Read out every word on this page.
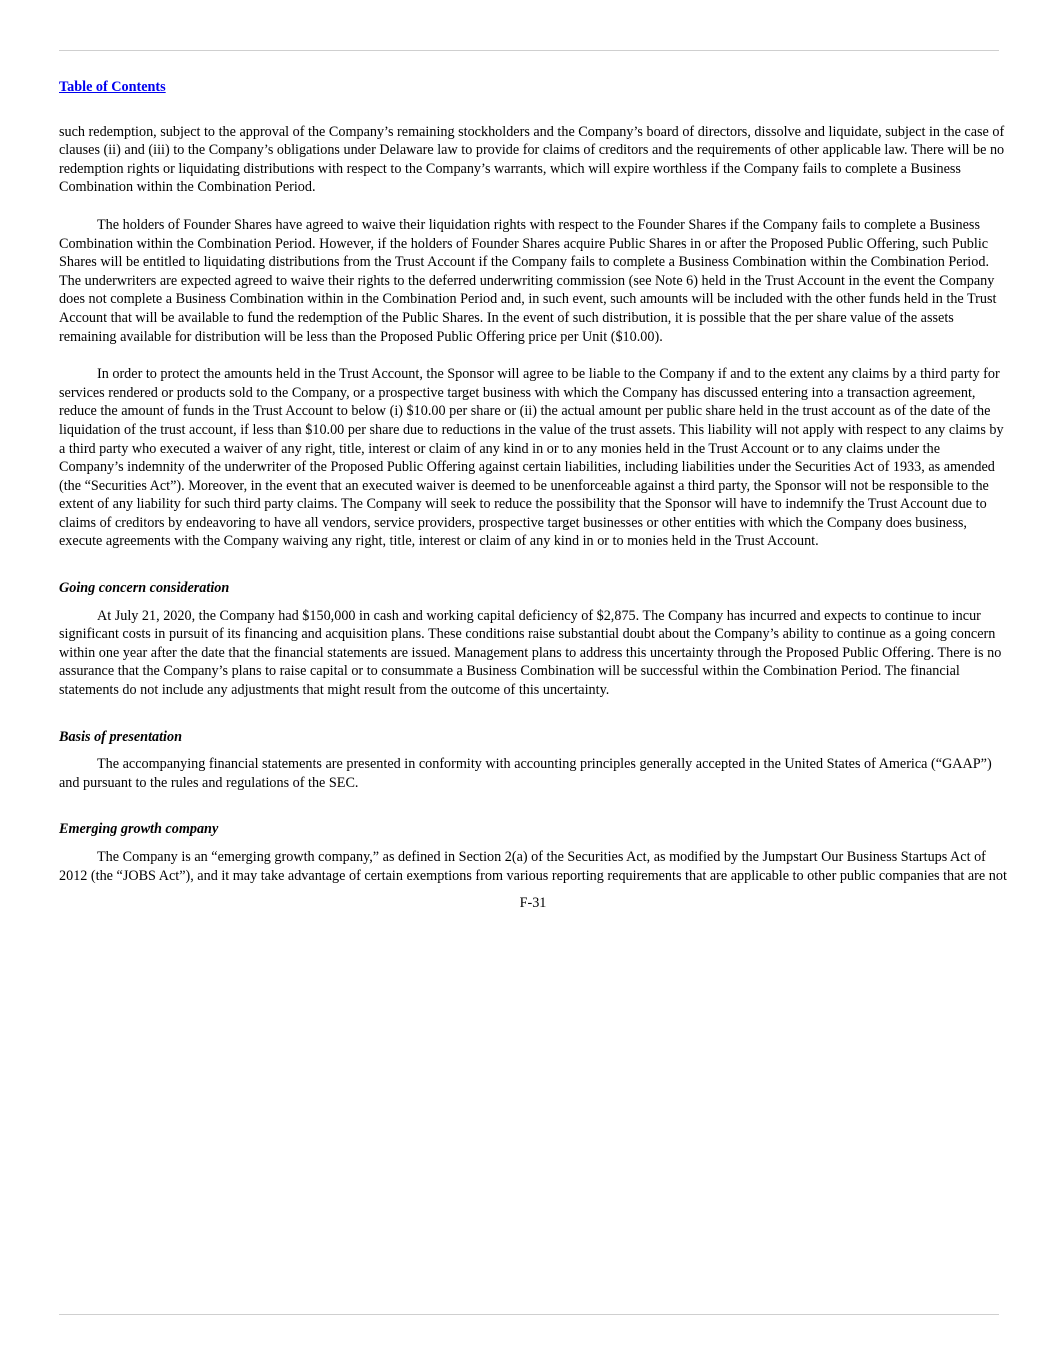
Table of Contents

such redemption, subject to the approval of the Company’s remaining stockholders and the Company’s board of directors, dissolve and liquidate, subject in the case of clauses (ii) and (iii) to the Company’s obligations under Delaware law to provide for claims of creditors and the requirements of other applicable law. There will be no redemption rights or liquidating distributions with respect to the Company’s warrants, which will expire worthless if the Company fails to complete a Business Combination within the Combination Period.

The holders of Founder Shares have agreed to waive their liquidation rights with respect to the Founder Shares if the Company fails to complete a Business Combination within the Combination Period. However, if the holders of Founder Shares acquire Public Shares in or after the Proposed Public Offering, such Public Shares will be entitled to liquidating distributions from the Trust Account if the Company fails to complete a Business Combination within the Combination Period. The underwriters are expected agreed to waive their rights to the deferred underwriting commission (see Note 6) held in the Trust Account in the event the Company does not complete a Business Combination within in the Combination Period and, in such event, such amounts will be included with the other funds held in the Trust Account that will be available to fund the redemption of the Public Shares. In the event of such distribution, it is possible that the per share value of the assets remaining available for distribution will be less than the Proposed Public Offering price per Unit ($10.00).

In order to protect the amounts held in the Trust Account, the Sponsor will agree to be liable to the Company if and to the extent any claims by a third party for services rendered or products sold to the Company, or a prospective target business with which the Company has discussed entering into a transaction agreement, reduce the amount of funds in the Trust Account to below (i) $10.00 per share or (ii) the actual amount per public share held in the trust account as of the date of the liquidation of the trust account, if less than $10.00 per share due to reductions in the value of the trust assets. This liability will not apply with respect to any claims by a third party who executed a waiver of any right, title, interest or claim of any kind in or to any monies held in the Trust Account or to any claims under the Company’s indemnity of the underwriter of the Proposed Public Offering against certain liabilities, including liabilities under the Securities Act of 1933, as amended (the “Securities Act”). Moreover, in the event that an executed waiver is deemed to be unenforceable against a third party, the Sponsor will not be responsible to the extent of any liability for such third party claims. The Company will seek to reduce the possibility that the Sponsor will have to indemnify the Trust Account due to claims of creditors by endeavoring to have all vendors, service providers, prospective target businesses or other entities with which the Company does business, execute agreements with the Company waiving any right, title, interest or claim of any kind in or to monies held in the Trust Account.

Going concern consideration

At July 21, 2020, the Company had $150,000 in cash and working capital deficiency of $2,875. The Company has incurred and expects to continue to incur significant costs in pursuit of its financing and acquisition plans. These conditions raise substantial doubt about the Company’s ability to continue as a going concern within one year after the date that the financial statements are issued. Management plans to address this uncertainty through the Proposed Public Offering. There is no assurance that the Company’s plans to raise capital or to consummate a Business Combination will be successful within the Combination Period. The financial statements do not include any adjustments that might result from the outcome of this uncertainty.

Basis of presentation

The accompanying financial statements are presented in conformity with accounting principles generally accepted in the United States of America (“GAAP”) and pursuant to the rules and regulations of the SEC.

Emerging growth company

The Company is an “emerging growth company,” as defined in Section 2(a) of the Securities Act, as modified by the Jumpstart Our Business Startups Act of 2012 (the “JOBS Act”), and it may take advantage of certain exemptions from various reporting requirements that are applicable to other public companies that are not

F-31
